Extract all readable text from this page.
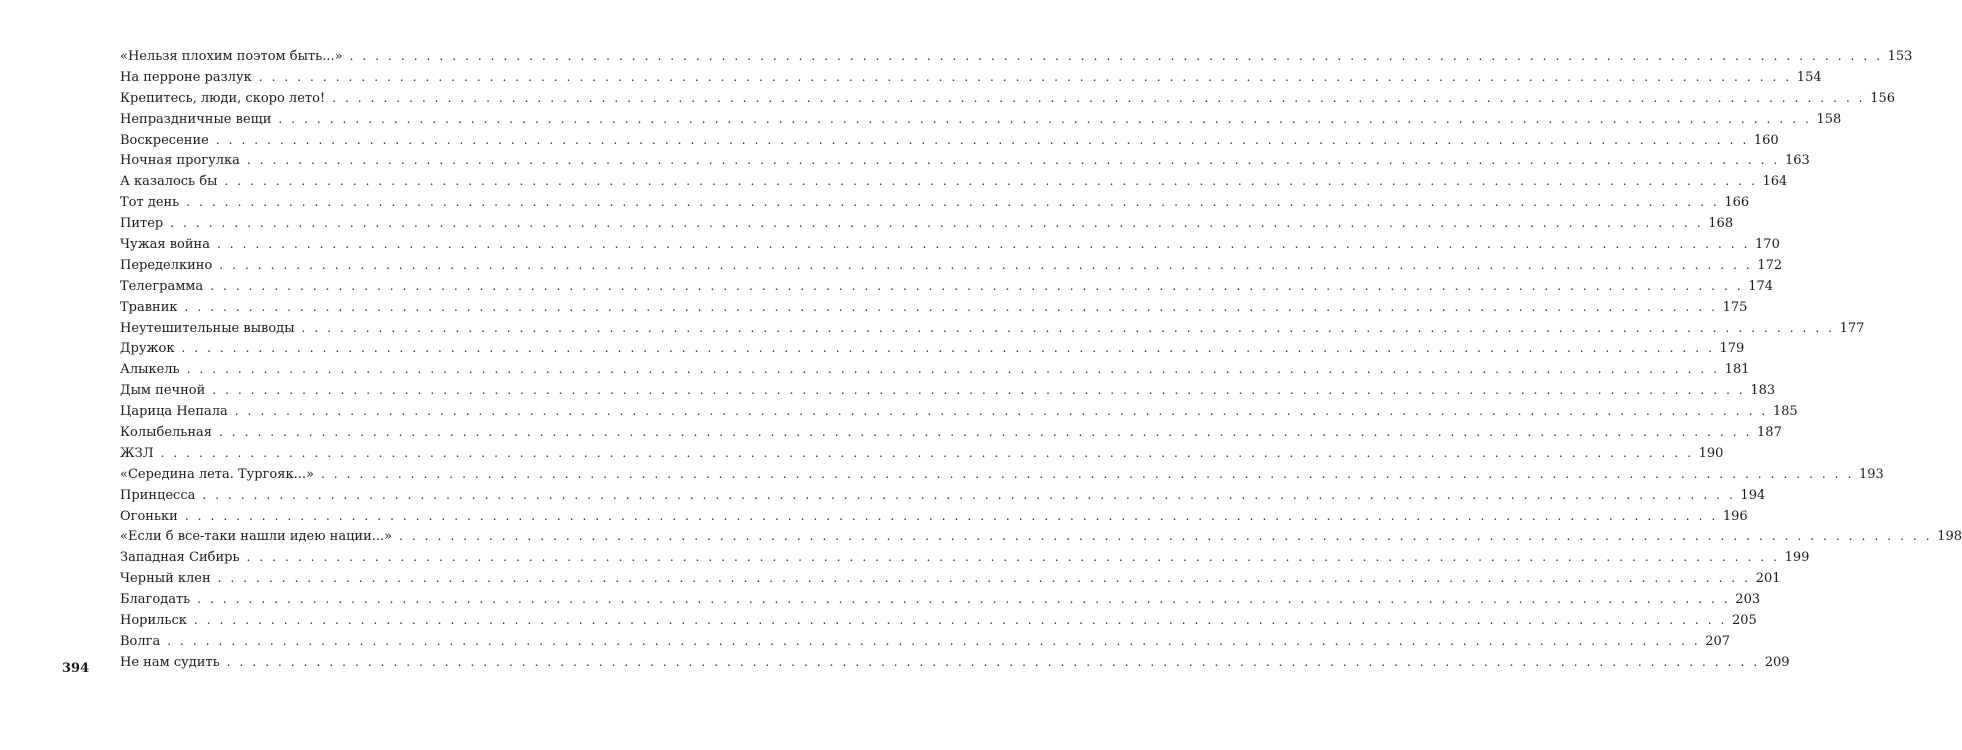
«Нельзя плохим поэтом быть...» . . . . . . . . . . . . . . . . . . . . . . . . . . . . . . . . . . . . . . . . . . . . . . . . . . . . . . . . . . . . . . . . . . . . . . . . . . . . . . . . . . . . . . . . . . . . . . . . . . . . . . . . . . . . . . . . . . . . . . . . 153
На перроне разлук . . . . . . . . . . . . . . . . . . . . . . . . . . . . . . . . . . . . . . . . . . . . . . . . . . . . . . . . . . . . . . . . . . . . . . . . . . . . . . . . . . . . . . . . . . . . . . . . . . . . . . . . . . . . . . . . . . . . . . . . 154
Крепитесь, люди, скоро лето! . . . . . . . . . . . . . . . . . . . . . . . . . . . . . . . . . . . . . . . . . . . . . . . . . . . . . . . . . . . . . . . . . . . . . . . . . . . . . . . . . . . . . . . . . . . . . . . . . . . . . . . . . . . . . . . . . . . . . . . . 156
Непраздничные вещи . . . . . . . . . . . . . . . . . . . . . . . . . . . . . . . . . . . . . . . . . . . . . . . . . . . . . . . . . . . . . . . . . . . . . . . . . . . . . . . . . . . . . . . . . . . . . . . . . . . . . . . . . . . . . . . . . . . . . . . . 158
Воскресение . . . . . . . . . . . . . . . . . . . . . . . . . . . . . . . . . . . . . . . . . . . . . . . . . . . . . . . . . . . . . . . . . . . . . . . . . . . . . . . . . . . . . . . . . . . . . . . . . . . . . . . . . . . . . . . . . . . . . . . . 160
Ночная прогулка . . . . . . . . . . . . . . . . . . . . . . . . . . . . . . . . . . . . . . . . . . . . . . . . . . . . . . . . . . . . . . . . . . . . . . . . . . . . . . . . . . . . . . . . . . . . . . . . . . . . . . . . . . . . . . . . . . . . . . . . 163
А казалось бы . . . . . . . . . . . . . . . . . . . . . . . . . . . . . . . . . . . . . . . . . . . . . . . . . . . . . . . . . . . . . . . . . . . . . . . . . . . . . . . . . . . . . . . . . . . . . . . . . . . . . . . . . . . . . . . . . . . . . . . . 164
Тот день . . . . . . . . . . . . . . . . . . . . . . . . . . . . . . . . . . . . . . . . . . . . . . . . . . . . . . . . . . . . . . . . . . . . . . . . . . . . . . . . . . . . . . . . . . . . . . . . . . . . . . . . . . . . . . . . . . . . . . . . 166
Питер . . . . . . . . . . . . . . . . . . . . . . . . . . . . . . . . . . . . . . . . . . . . . . . . . . . . . . . . . . . . . . . . . . . . . . . . . . . . . . . . . . . . . . . . . . . . . . . . . . . . . . . . . . . . . . . . . . . . . . . . 168
Чужая война . . . . . . . . . . . . . . . . . . . . . . . . . . . . . . . . . . . . . . . . . . . . . . . . . . . . . . . . . . . . . . . . . . . . . . . . . . . . . . . . . . . . . . . . . . . . . . . . . . . . . . . . . . . . . . . . . . . . . . . . 170
Переделкино . . . . . . . . . . . . . . . . . . . . . . . . . . . . . . . . . . . . . . . . . . . . . . . . . . . . . . . . . . . . . . . . . . . . . . . . . . . . . . . . . . . . . . . . . . . . . . . . . . . . . . . . . . . . . . . . . . . . . . . . 172
Телеграмма . . . . . . . . . . . . . . . . . . . . . . . . . . . . . . . . . . . . . . . . . . . . . . . . . . . . . . . . . . . . . . . . . . . . . . . . . . . . . . . . . . . . . . . . . . . . . . . . . . . . . . . . . . . . . . . . . . . . . . . . 174
Травник . . . . . . . . . . . . . . . . . . . . . . . . . . . . . . . . . . . . . . . . . . . . . . . . . . . . . . . . . . . . . . . . . . . . . . . . . . . . . . . . . . . . . . . . . . . . . . . . . . . . . . . . . . . . . . . . . . . . . . . . 175
Неутешительные выводы . . . . . . . . . . . . . . . . . . . . . . . . . . . . . . . . . . . . . . . . . . . . . . . . . . . . . . . . . . . . . . . . . . . . . . . . . . . . . . . . . . . . . . . . . . . . . . . . . . . . . . . . . . . . . . . . . . . . . . . . 177
Дружок . . . . . . . . . . . . . . . . . . . . . . . . . . . . . . . . . . . . . . . . . . . . . . . . . . . . . . . . . . . . . . . . . . . . . . . . . . . . . . . . . . . . . . . . . . . . . . . . . . . . . . . . . . . . . . . . . . . . . . . . 179
Алыкель . . . . . . . . . . . . . . . . . . . . . . . . . . . . . . . . . . . . . . . . . . . . . . . . . . . . . . . . . . . . . . . . . . . . . . . . . . . . . . . . . . . . . . . . . . . . . . . . . . . . . . . . . . . . . . . . . . . . . . . . 181
Дым печной . . . . . . . . . . . . . . . . . . . . . . . . . . . . . . . . . . . . . . . . . . . . . . . . . . . . . . . . . . . . . . . . . . . . . . . . . . . . . . . . . . . . . . . . . . . . . . . . . . . . . . . . . . . . . . . . . . . . . . . . 183
Царица Непала . . . . . . . . . . . . . . . . . . . . . . . . . . . . . . . . . . . . . . . . . . . . . . . . . . . . . . . . . . . . . . . . . . . . . . . . . . . . . . . . . . . . . . . . . . . . . . . . . . . . . . . . . . . . . . . . . . . . . . . . 185
Колыбельная . . . . . . . . . . . . . . . . . . . . . . . . . . . . . . . . . . . . . . . . . . . . . . . . . . . . . . . . . . . . . . . . . . . . . . . . . . . . . . . . . . . . . . . . . . . . . . . . . . . . . . . . . . . . . . . . . . . . . . . . 187
ЖЗЛ . . . . . . . . . . . . . . . . . . . . . . . . . . . . . . . . . . . . . . . . . . . . . . . . . . . . . . . . . . . . . . . . . . . . . . . . . . . . . . . . . . . . . . . . . . . . . . . . . . . . . . . . . . . . . . . . . . . . . . . . 190
«Середина лета. Тургояк...» . . . . . . . . . . . . . . . . . . . . . . . . . . . . . . . . . . . . . . . . . . . . . . . . . . . . . . . . . . . . . . . . . . . . . . . . . . . . . . . . . . . . . . . . . . . . . . . . . . . . . . . . . . . . . . . . . . . . . . . . 193
Принцесса . . . . . . . . . . . . . . . . . . . . . . . . . . . . . . . . . . . . . . . . . . . . . . . . . . . . . . . . . . . . . . . . . . . . . . . . . . . . . . . . . . . . . . . . . . . . . . . . . . . . . . . . . . . . . . . . . . . . . . . . 194
Огоньки . . . . . . . . . . . . . . . . . . . . . . . . . . . . . . . . . . . . . . . . . . . . . . . . . . . . . . . . . . . . . . . . . . . . . . . . . . . . . . . . . . . . . . . . . . . . . . . . . . . . . . . . . . . . . . . . . . . . . . . . 196
«Если б все-таки нашли идею нации...» . . . . . . . . . . . . . . . . . . . . . . . . . . . . . . . . . . . . . . . . . . . . . . . . . . . . . . . . . . . . . . . . . . . . . . . . . . . . . . . . . . . . . . . . . . . . . . . . . . . . . . . . . . . . . . . . . . . . . . . . 198
Западная Сибирь . . . . . . . . . . . . . . . . . . . . . . . . . . . . . . . . . . . . . . . . . . . . . . . . . . . . . . . . . . . . . . . . . . . . . . . . . . . . . . . . . . . . . . . . . . . . . . . . . . . . . . . . . . . . . . . . . . . . . . . . 199
Черный клен . . . . . . . . . . . . . . . . . . . . . . . . . . . . . . . . . . . . . . . . . . . . . . . . . . . . . . . . . . . . . . . . . . . . . . . . . . . . . . . . . . . . . . . . . . . . . . . . . . . . . . . . . . . . . . . . . . . . . . . . 201
Благодать . . . . . . . . . . . . . . . . . . . . . . . . . . . . . . . . . . . . . . . . . . . . . . . . . . . . . . . . . . . . . . . . . . . . . . . . . . . . . . . . . . . . . . . . . . . . . . . . . . . . . . . . . . . . . . . . . . . . . . . . 203
Норильск . . . . . . . . . . . . . . . . . . . . . . . . . . . . . . . . . . . . . . . . . . . . . . . . . . . . . . . . . . . . . . . . . . . . . . . . . . . . . . . . . . . . . . . . . . . . . . . . . . . . . . . . . . . . . . . . . . . . . . . . 205
Волга . . . . . . . . . . . . . . . . . . . . . . . . . . . . . . . . . . . . . . . . . . . . . . . . . . . . . . . . . . . . . . . . . . . . . . . . . . . . . . . . . . . . . . . . . . . . . . . . . . . . . . . . . . . . . . . . . . . . . . . . 207
Не нам судить . . . . . . . . . . . . . . . . . . . . . . . . . . . . . . . . . . . . . . . . . . . . . . . . . . . . . . . . . . . . . . . . . . . . . . . . . . . . . . . . . . . . . . . . . . . . . . . . . . . . . . . . . . . . . . . . . . . . . . . . 209
394
